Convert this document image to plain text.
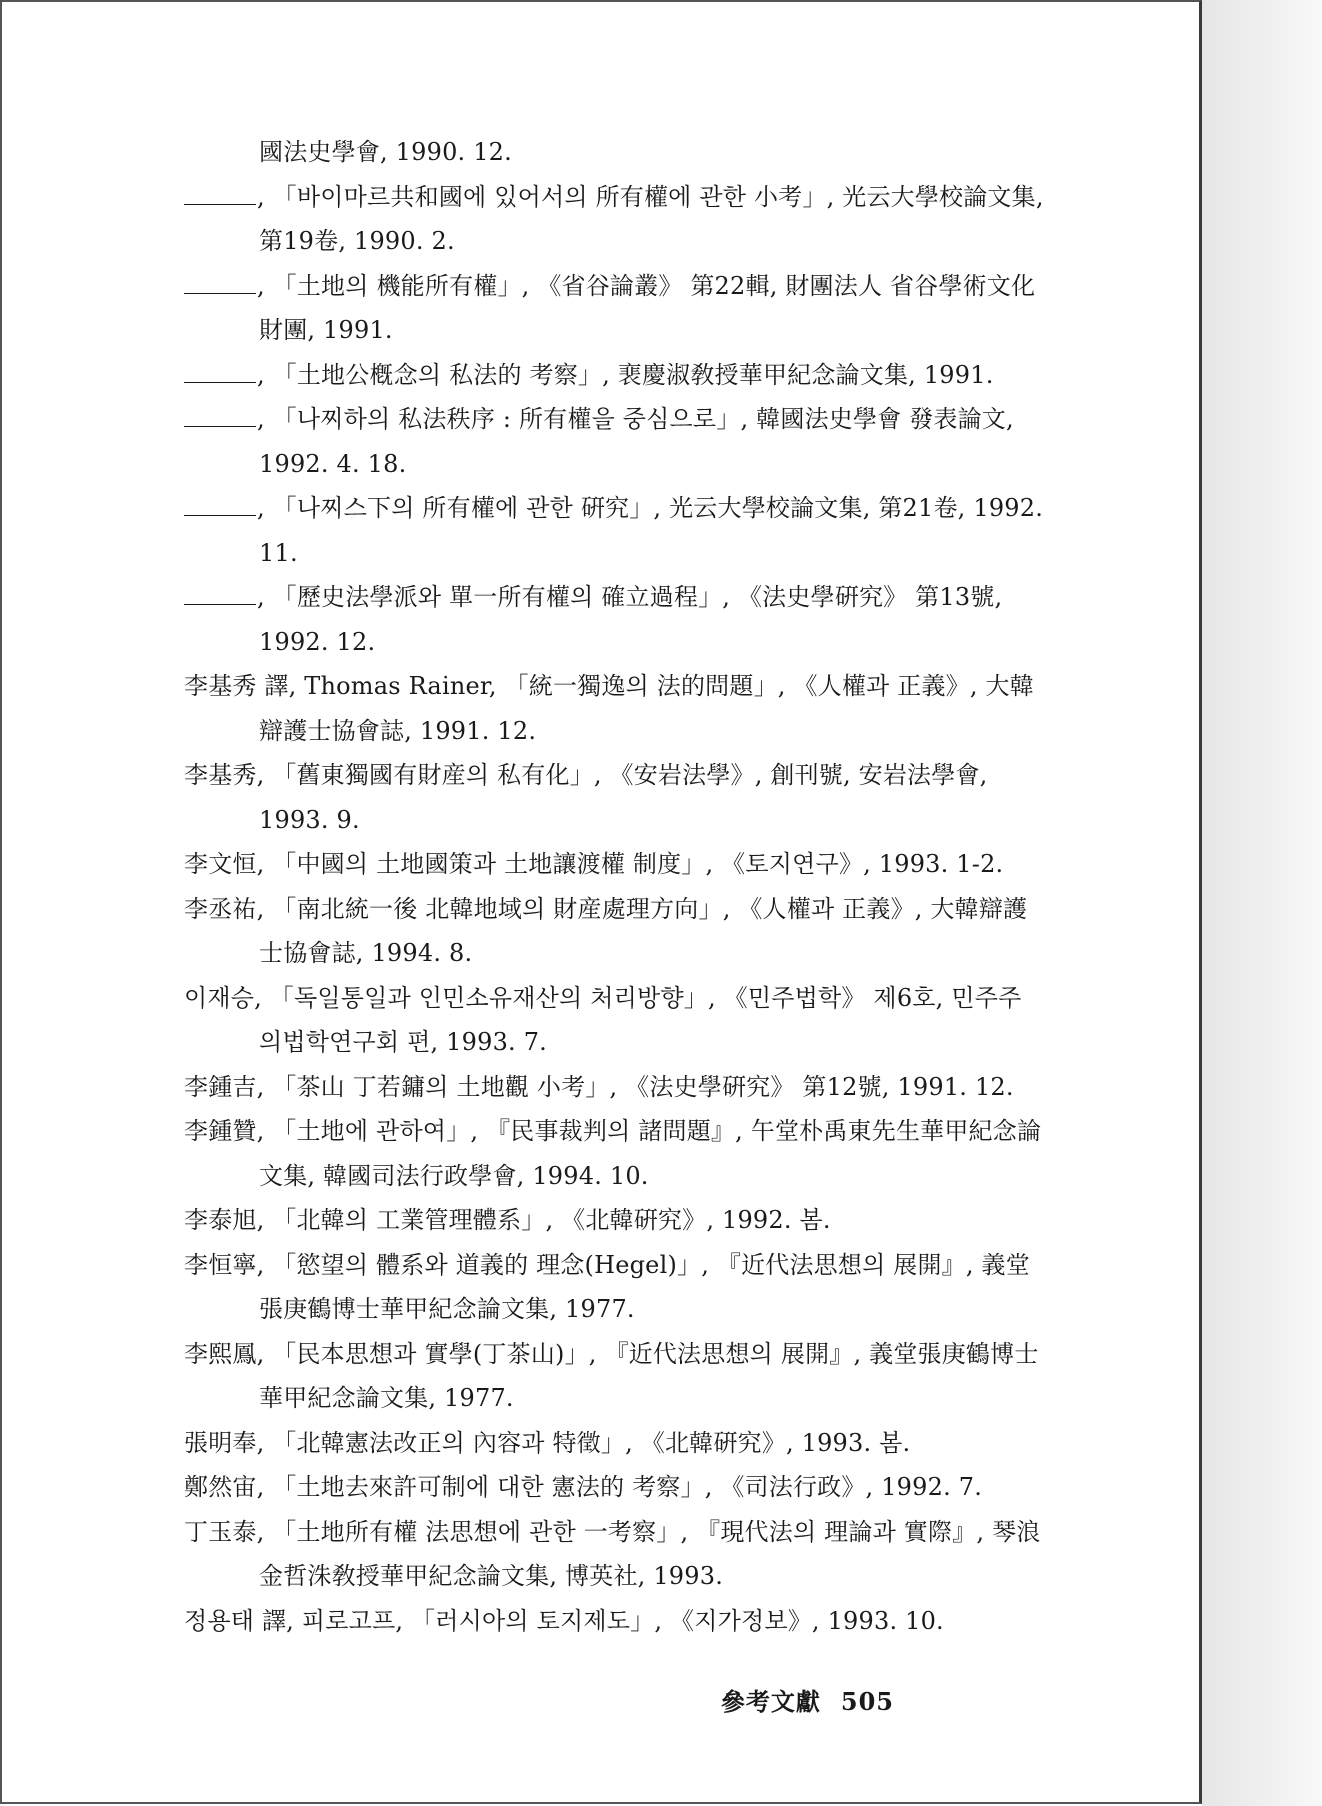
國法史學會, 1990. 12.
, 「바이마르共和國에 있어서의 所有權에 관한 小考」, 光云大學校論文集, 第19卷, 1990. 2.
, 「土地의 機能所有權」, 《省谷論叢》 第22輯, 財團法人 省谷學術文化財團, 1991.
, 「土地公槪念의 私法的 考察」, 裵慶淑敎授華甲紀念論文集, 1991.
, 「나찌하의 私法秩序 : 所有權을 중심으로」, 韓國法史學會 發表論文, 1992. 4. 18.
, 「나찌스下의 所有權에 관한 硏究」, 光云大學校論文集, 第21卷, 1992. 11.
, 「歷史法學派와 單一所有權의 確立過程」, 《法史學硏究》 第13號, 1992. 12.
李基秀 譯, Thomas Rainer, 「統一獨逸의 法的問題」, 《人權과 正義》, 大韓辯護士協會誌, 1991. 12.
李基秀, 「舊東獨國有財産의 私有化」, 《安岩法學》, 創刊號, 安岩法學會, 1993. 9.
李文恒, 「中國의 土地國策과 土地讓渡權 制度」, 《토지연구》, 1993. 1-2.
李丞祐, 「南北統一後 北韓地域의 財産處理方向」, 《人權과 正義》, 大韓辯護士協會誌, 1994. 8.
이재승, 「독일통일과 인민소유재산의 처리방향」, 《민주법학》 제6호, 민주주의법학연구회 편, 1993. 7.
李鍾吉, 「茶山 丁若鏞의 土地觀 小考」, 《法史學硏究》 第12號, 1991. 12.
李鍾贊, 「土地에 관하여」, 『民事裁判의 諸問題』, 午堂朴禹東先生華甲紀念論文集, 韓國司法行政學會, 1994. 10.
李泰旭, 「北韓의 工業管理體系」, 《北韓硏究》, 1992. 봄.
李恒寧, 「慾望의 體系와 道義的 理念(Hegel)」, 『近代法思想의 展開』, 義堂張庚鶴博士華甲紀念論文集, 1977.
李熙鳳, 「民本思想과 實學(丁茶山)」, 『近代法思想의 展開』, 義堂張庚鶴博士華甲紀念論文集, 1977.
張明奉, 「北韓憲法改正의 內容과 特徵」, 《北韓硏究》, 1993. 봄.
鄭然宙, 「土地去來許可制에 대한 憲法的 考察」, 《司法行政》, 1992. 7.
丁玉泰, 「土地所有權 法思想에 관한 一考察」, 『現代法의 理論과 實際』, 琴浪金哲洙敎授華甲紀念論文集, 博英社, 1993.
정용태 譯, 피로고프, 「러시아의 토지제도」, 《지가정보》, 1993. 10.
參考文獻 505
